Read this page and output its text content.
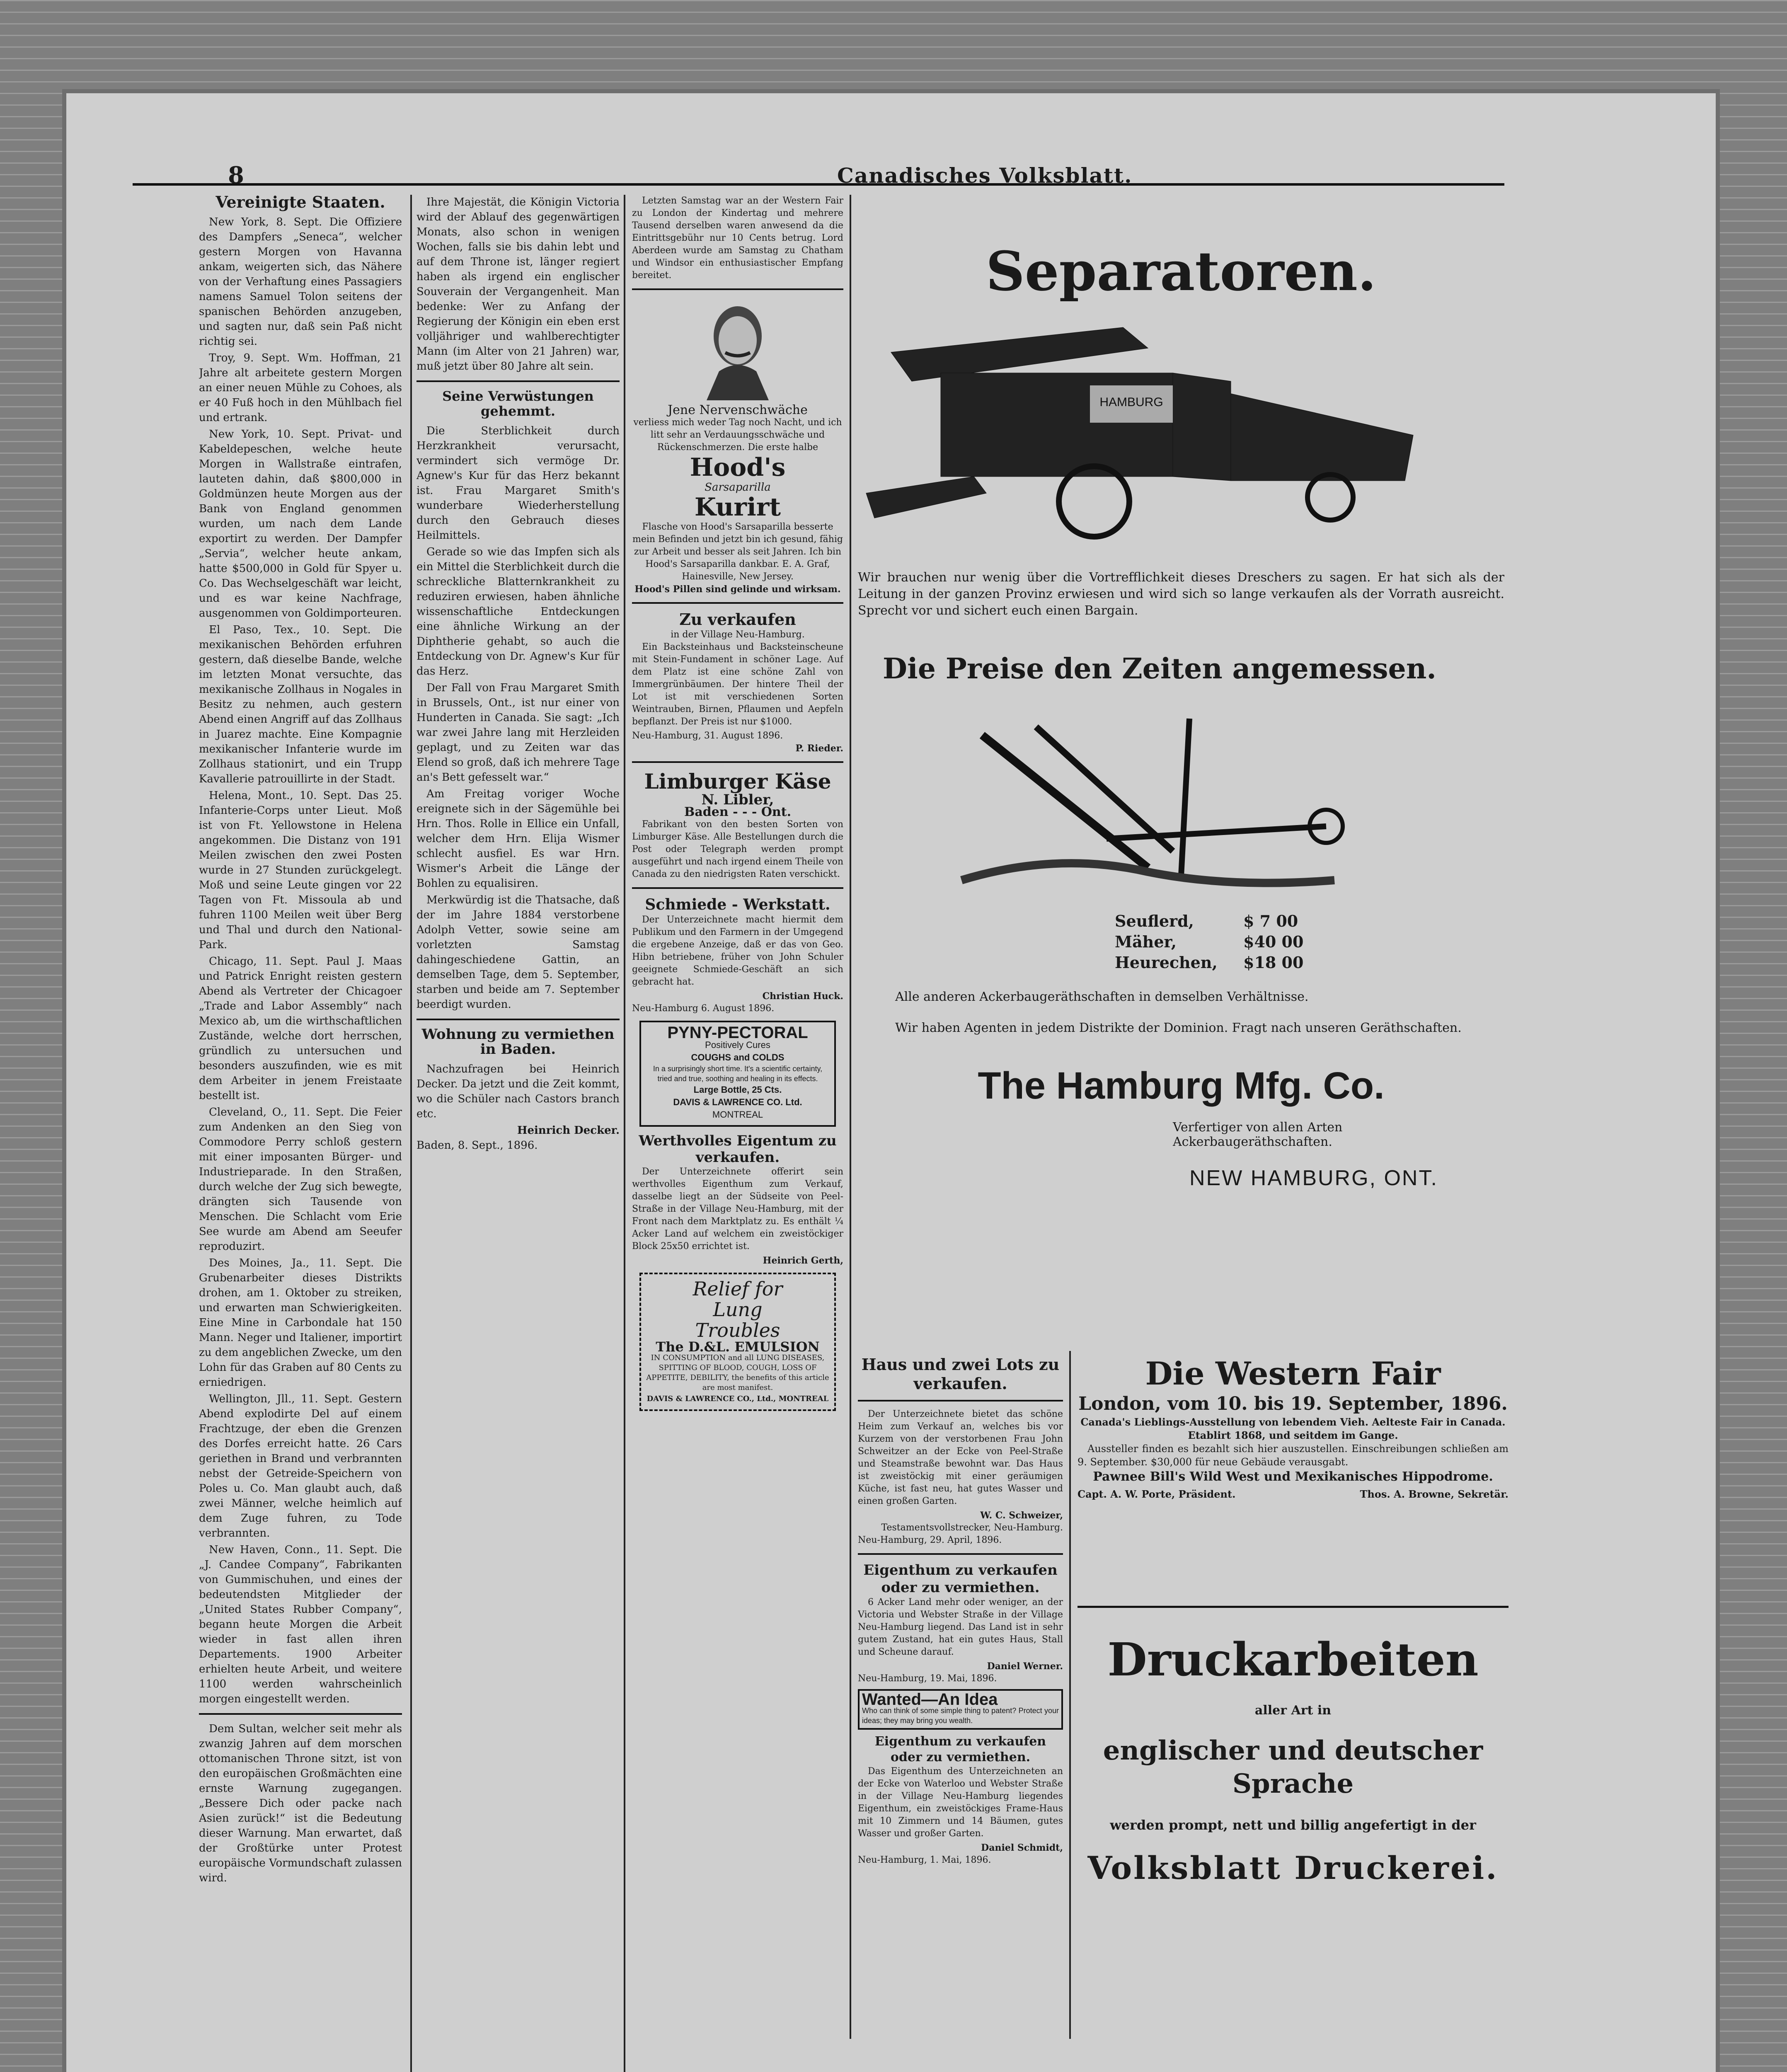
8	Canadisches Volksblatt.
Vereinigte Staaten.

New York, 8. Sept. Die Offiziere des Dampfers „Seneca“, welcher gestern Morgen von Havanna ankam, weigerten sich, das Nähere von der Verhaftung eines Passagiers namens Samuel Tolon seitens der spanischen Behörden anzugeben, und sagten nur, daß sein Paß nicht richtig sei.

Troy, 9. Sept. Wm. Hoffman, 21 Jahre alt arbeitete gestern Morgen an einer neuen Mühle zu Cohoes, als er 40 Fuß hoch in den Mühlbach fiel und ertrank.

New York, 10. Sept. Privat- und Kabeldepeschen, welche heute Morgen in Wallstraße eintrafen, lauteten dahin, daß $800,000 in Goldmünzen heute Morgen aus der Bank von England genommen wurden, um nach dem Lande exportirt zu werden. Der Dampfer „Servia“, welcher heute ankam, hatte $500,000 in Gold für Spyer u. Co. Das Wechselgeschäft war leicht, und es war keine Nachfrage, ausgenommen von Goldimporteuren.

El Paso, Tex., 10. Sept. Die mexikanischen Behörden erfuhren gestern, daß dieselbe Bande, welche im letzten Monat versuchte, das mexikanische Zollhaus in Nogales in Besitz zu nehmen, auch gestern Abend einen Angriff auf das Zollhaus in Juarez machte. Eine Kompagnie mexikanischer Infanterie wurde im Zollhaus stationirt, und ein Trupp Kavallerie patrouillirte in der Stadt.

Helena, Mont., 10. Sept. Das 25. Infanterie-Corps unter Lieut. Moß ist von Ft. Yellowstone in Helena angekommen. Die Distanz von 191 Meilen zwischen den zwei Posten wurde in 27 Stunden zurückgelegt. Moß und seine Leute gingen vor 22 Tagen von Ft. Missoula ab und fuhren 1100 Meilen weit über Berg und Thal und durch den National-Park.

Chicago, 11. Sept. Paul J. Maas und Patrick Enright reisten gestern Abend als Vertreter der Chicagoer „Trade and Labor Assembly“ nach Mexico ab, um die wirthschaftlichen Zustände, welche dort herrschen, gründlich zu untersuchen und besonders auszufinden, wie es mit dem Arbeiter in jenem Freistaate bestellt ist.

Cleveland, O., 11. Sept. Die Feier zum Andenken an den Sieg von Commodore Perry schloß gestern mit einer imposanten Bürger- und Industrieparade. In den Straßen, durch welche der Zug sich bewegte, drängten sich Tausende von Menschen. Die Schlacht vom Erie See wurde am Abend am Seeufer reproduzirt.

Des Moines, Ja., 11. Sept. Die Grubenarbeiter dieses Distrikts drohen, am 1. Oktober zu streiken, und erwarten man Schwierigkeiten. Eine Mine in Carbondale hat 150 Mann. Neger und Italiener, importirt zu dem angeblichen Zwecke, um den Lohn für das Graben auf 80 Cents zu erniedrigen.

Wellington, Jll., 11. Sept. Gestern Abend explodirte Del auf einem Frachtzuge, der eben die Grenzen des Dorfes erreicht hatte. 26 Cars geriethen in Brand und verbrannten nebst der Getreide-Speichern von Poles u. Co. Man glaubt auch, daß zwei Männer, welche heimlich auf dem Zuge fuhren, zu Tode verbrannten.

New Haven, Conn., 11. Sept. Die „J. Candee Company“, Fabrikanten von Gummischuhen, und eines der bedeutendsten Mitglieder der „United States Rubber Company“, begann heute Morgen die Arbeit wieder in fast allen ihren Departements. 1900 Arbeiter erhielten heute Arbeit, und weitere 1100 werden wahrscheinlich morgen eingestellt werden.

Dem Sultan, welcher seit mehr als zwanzig Jahren auf dem morschen ottomanischen Throne sitzt, ist von den europäischen Großmächten eine ernste Warnung zugegangen. „Bessere Dich oder packe nach Asien zurück!“ ist die Bedeutung dieser Warnung. Man erwartet, daß der Großtürke unter Protest europäische Vormundschaft zulassen wird.

Ihre Majestät, die Königin Victoria wird der Ablauf des gegenwärtigen Monats, also schon in wenigen Wochen, falls sie bis dahin lebt und auf dem Throne ist, länger regiert haben als irgend ein englischer Souverain der Vergangenheit. Man bedenke: Wer zu Anfang der Regierung der Königin ein eben erst volljähriger und wahlberechtigter Mann (im Alter von 21 Jahren) war, muß jetzt über 80 Jahre alt sein.

Seine Verwüstungen gehemmt.

Die Sterblichkeit durch Herzkrankheit verursacht, vermindert sich vermöge Dr. Agnew's Kur für das Herz bekannt ist. Frau Margaret Smith's wunderbare Wiederherstellung durch den Gebrauch dieses Heilmittels.

Gerade so wie das Impfen sich als ein Mittel die Sterblichkeit durch die schreckliche Blatternkrankheit zu reduziren erwiesen, haben ähnliche wissenschaftliche Entdeckungen eine ähnliche Wirkung an der Diphtherie gehabt, so auch die Entdeckung von Dr. Agnew's Kur für das Herz.

Der Fall von Frau Margaret Smith in Brussels, Ont., ist nur einer von Hunderten in Canada. Sie sagt: „Ich war zwei Jahre lang mit Herzleiden geplagt, und zu Zeiten war das Elend so groß, daß ich mehrere Tage an's Bett gefesselt war.“

Am Freitag voriger Woche ereignete sich in der Sägemühle bei Hrn. Thos. Rolle in Ellice ein Unfall, welcher dem Hrn. Elija Wismer schlecht ausfiel. Es war Hrn. Wismer's Arbeit die Länge der Bohlen zu equalisiren.

Merkwürdig ist die Thatsache, daß der im Jahre 1884 verstorbene Adolph Vetter, sowie seine am vorletzten Samstag dahingeschiedene Gattin, an demselben Tage, dem 5. September, starben und beide am 7. September beerdigt wurden.

Wohnung zu vermiethen in Baden.

Nachzufragen bei Heinrich Decker. Da jetzt und die Zeit kommt, wo die Schüler nach Castors branch etc.

Heinrich Decker.
Baden, 8. Sept., 1896.

Letzten Samstag war an der Western Fair zu London der Kindertag und mehrere Tausend derselben waren anwesend da die Eintrittsgebühr nur 10 Cents betrug. Lord Aberdeen wurde am Samstag zu Chatham und Windsor ein enthusiastischer Empfang bereitet.

Jene Nervenschwäche
verliess mich weder Tag noch Nacht, und ich litt sehr an Verdauungsschwäche und Rückenschmerzen. Die erste halbe
Hood's
Sarsaparilla
Kurirt
Flasche von Hood's Sarsaparilla besserte mein Befinden und jetzt bin ich gesund, fähig zur Arbeit und besser als seit Jahren. Ich bin Hood's Sarsaparilla dankbar. E. A. Graf, Hainesville, New Jersey.
Hood's Pillen sind gelinde und wirksam.
Zu verkaufen
in der Village Neu-Hamburg.

Ein Backsteinhaus und Backsteinscheune mit Stein-Fundament in schöner Lage. Auf dem Platz ist eine schöne Zahl von Immergrünbäumen. Der hintere Theil der Lot ist mit verschiedenen Sorten Weintrauben, Birnen, Pflaumen und Aepfeln bepflanzt. Der Preis ist nur $1000.

Neu-Hamburg, 31. August 1896.
P. Rieder.
Limburger Käse
N. Libler,
Baden - - - Ont.

Fabrikant von den besten Sorten von Limburger Käse. Alle Bestellungen durch die Post oder Telegraph werden prompt ausgeführt und nach irgend einem Theile von Canada zu den niedrigsten Raten verschickt.

Schmiede - Werkstatt.

Der Unterzeichnete macht hiermit dem Publikum und den Farmern in der Umgegend die ergebene Anzeige, daß er das von Geo. Hibn betriebene, früher von John Schuler geeignete Schmiede-Geschäft an sich gebracht hat.

Christian Huck.
Neu-Hamburg 6. August 1896.
PYNY-PECTORAL
Positively Cures
COUGHS and COLDS
In a surprisingly short time. It's a scientific certainty, tried and true, soothing and healing in its effects.
Large Bottle, 25 Cts.
DAVIS & LAWRENCE CO. Ltd.
MONTREAL
Werthvolles Eigentum zu verkaufen.

Der Unterzeichnete offerirt sein werthvolles Eigenthum zum Verkauf, dasselbe liegt an der Südseite von Peel-Straße in der Village Neu-Hamburg, mit der Front nach dem Marktplatz zu. Es enthält ¼ Acker Land auf welchem ein zweistöckiger Block 25x50 errichtet ist.

Heinrich Gerth,
Relief for
Lung
Troubles
The D.&L. EMULSION
IN CONSUMPTION and all LUNG DISEASES, SPITTING OF BLOOD, COUGH, LOSS OF APPETITE, DEBILITY, the benefits of this article are most manifest.
DAVIS & LAWRENCE CO., Ltd., MONTREAL
Separatoren.
HAMBURG
Wir brauchen nur wenig über die Vortrefflichkeit dieses Dreschers zu sagen. Er hat sich als der Leitung in der ganzen Provinz erwiesen und wird sich so lange verkaufen als der Vorrath ausreicht. Sprecht vor und sichert euch einen Bargain.
Die Preise den Zeiten angemessen.
Seuflerd,	$ 7 00
Mäher,	$40 00
Heurechen, $18 00
Alle anderen Ackerbaugeräthschaften in demselben Verhältnisse.
Wir haben Agenten in jedem Distrikte der Dominion. Fragt nach unseren Geräthschaften.
The Hamburg Mfg. Co.
Verfertiger von allen Arten Ackerbaugeräthschaften.
NEW HAMBURG, ONT.
Haus und zwei Lots zu verkaufen.

Der Unterzeichnete bietet das schöne Heim zum Verkauf an, welches bis vor Kurzem von der verstorbenen Frau John Schweitzer an der Ecke von Peel-Straße und Steamstraße bewohnt war. Das Haus ist zweistöckig mit einer geräumigen Küche, ist fast neu, hat gutes Wasser und einen großen Garten.

W. C. Schweizer,
Testamentsvollstrecker, Neu-Hamburg.
Neu-Hamburg, 29. April, 1896.
Eigenthum zu verkaufen oder zu vermiethen.

6 Acker Land mehr oder weniger, an der Victoria und Webster Straße in der Village Neu-Hamburg liegend. Das Land ist in sehr gutem Zustand, hat ein gutes Haus, Stall und Scheune darauf.

Daniel Werner.
Neu-Hamburg, 19. Mai, 1896.
Wanted—An Idea
Who can think of some simple thing to patent? Protect your ideas; they may bring you wealth.
Eigenthum zu verkaufen oder zu vermiethen.

Das Eigenthum des Unterzeichneten an der Ecke von Waterloo und Webster Straße in der Village Neu-Hamburg liegendes Eigenthum, ein zweistöckiges Frame-Haus mit 10 Zimmern und 14 Bäumen, gutes Wasser und großer Garten.

Daniel Schmidt,
Neu-Hamburg, 1. Mai, 1896.
Die Western Fair
London, vom 10. bis 19. September, 1896.
Canada's Lieblings-Ausstellung von lebendem Vieh. Aelteste Fair in Canada. Etablirt 1868, und seitdem im Gange.

Aussteller finden es bezahlt sich hier auszustellen. Einschreibungen schließen am 9. September. $30,000 für neue Gebäude verausgabt.

Pawnee Bill's Wild West und Mexikanisches Hippodrome.
Capt. A. W. Porte, Präsident.	Thos. A. Browne, Sekretär.
Druckarbeiten
aller Art in
englischer und deutscher Sprache
werden prompt, nett und billig angefertigt in der
Volksblatt Druckerei.
